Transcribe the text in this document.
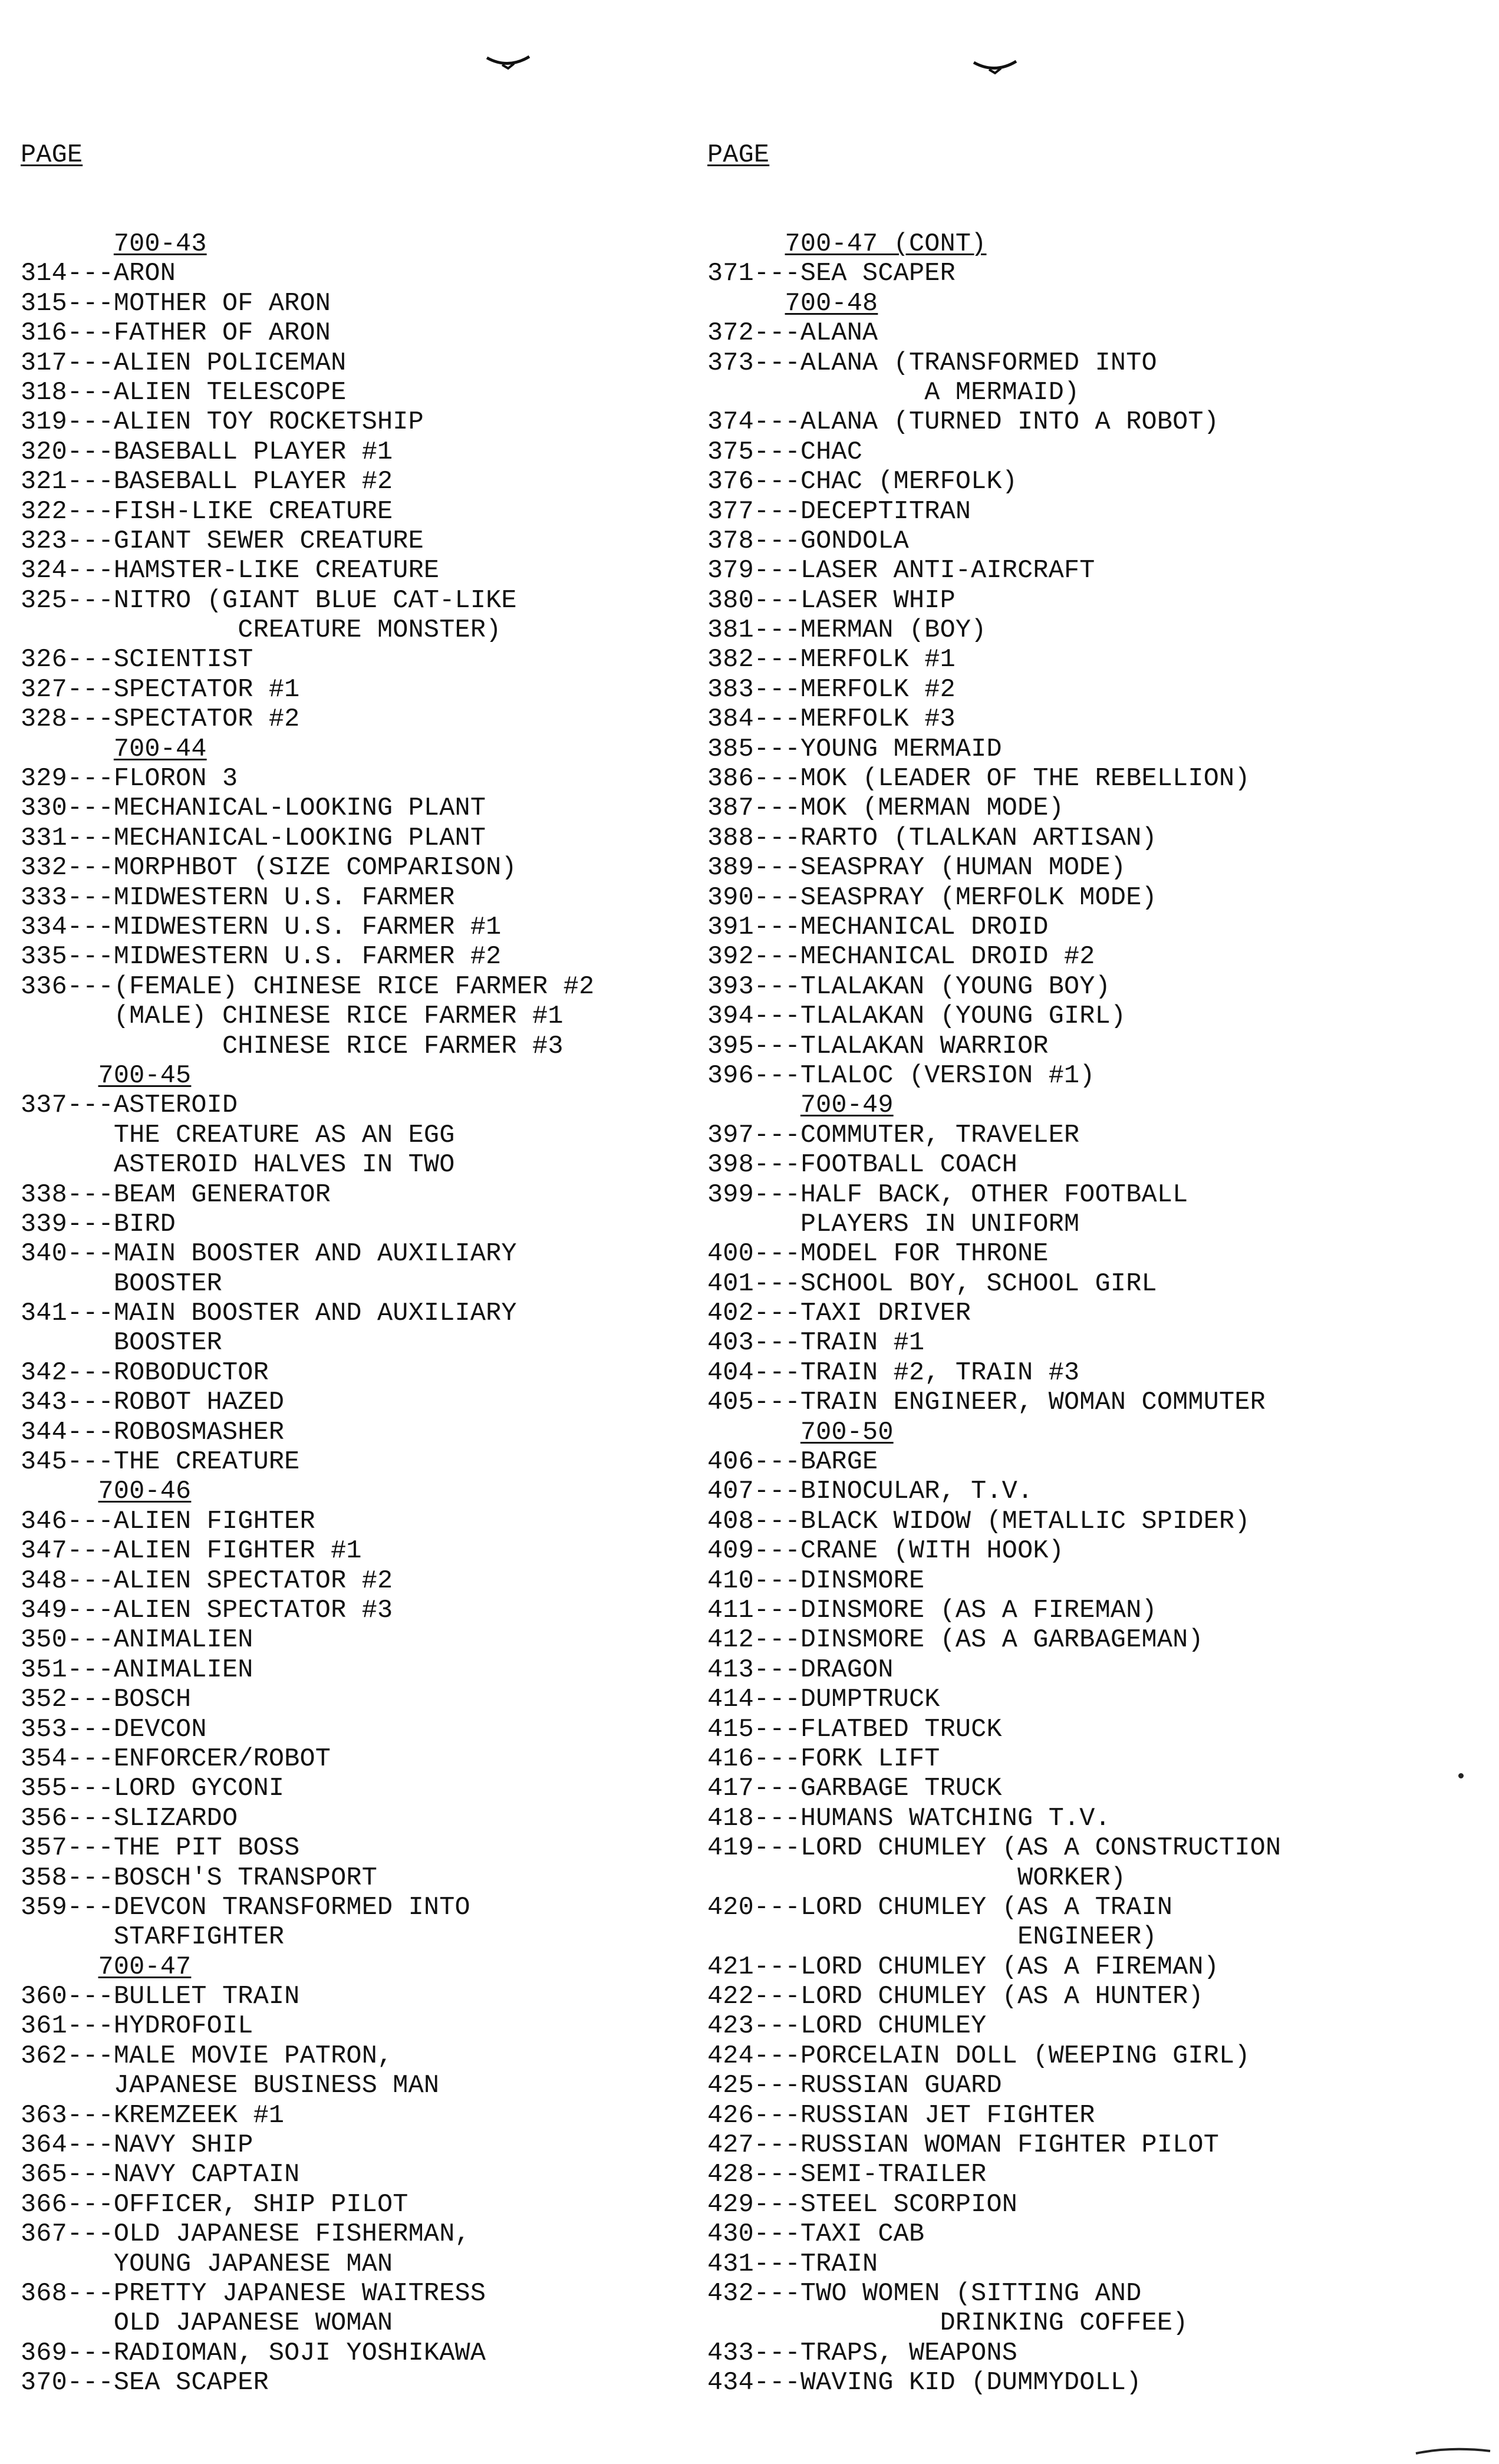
PAGE

700-43
314---ARON
315---MOTHER OF ARON
316---FATHER OF ARON
317---ALIEN POLICEMAN
318---ALIEN TELESCOPE
319---ALIEN TOY ROCKETSHIP
320---BASEBALL PLAYER #1
321---BASEBALL PLAYER #2
322---FISH-LIKE CREATURE
323---GIANT SEWER CREATURE
324---HAMSTER-LIKE CREATURE
325---NITRO (GIANT BLUE CAT-LIKE
CREATURE MONSTER)
326---SCIENTIST
327---SPECTATOR #1
328---SPECTATOR #2
700-44
329---FLORON 3
330---MECHANICAL-LOOKING PLANT
331---MECHANICAL-LOOKING PLANT
332---MORPHBOT (SIZE COMPARISON)
333---MIDWESTERN U.S. FARMER
334---MIDWESTERN U.S. FARMER #1
335---MIDWESTERN U.S. FARMER #2
336---(FEMALE) CHINESE RICE FARMER #2
(MALE) CHINESE RICE FARMER #1
CHINESE RICE FARMER #3
700-45
337---ASTEROID
THE CREATURE AS AN EGG
ASTEROID HALVES IN TWO
338---BEAM GENERATOR
339---BIRD
340---MAIN BOOSTER AND AUXILIARY
BOOSTER
341---MAIN BOOSTER AND AUXILIARY
BOOSTER
342---ROBODUCTOR
343---ROBOT HAZED
344---ROBOSMASHER
345---THE CREATURE
700-46
346---ALIEN FIGHTER
347---ALIEN FIGHTER #1
348---ALIEN SPECTATOR #2
349---ALIEN SPECTATOR #3
350---ANIMALIEN
351---ANIMALIEN
352---BOSCH
353---DEVCON
354---ENFORCER/ROBOT
355---LORD GYCONI
356---SLIZARDO
357---THE PIT BOSS
358---BOSCH'S TRANSPORT
359---DEVCON TRANSFORMED INTO
STARFIGHTER
700-47
360---BULLET TRAIN
361---HYDROFOIL
362---MALE MOVIE PATRON,
JAPANESE BUSINESS MAN
363---KREMZEEK #1
364---NAVY SHIP
365---NAVY CAPTAIN
366---OFFICER, SHIP PILOT
367---OLD JAPANESE FISHERMAN,
YOUNG JAPANESE MAN
368---PRETTY JAPANESE WAITRESS
OLD JAPANESE WOMAN
369---RADIOMAN, SOJI YOSHIKAWA
370---SEA SCAPER

PAGE

700-47 (CONT)
371---SEA SCAPER
700-48
372---ALANA
373---ALANA (TRANSFORMED INTO
A MERMAID)
374---ALANA (TURNED INTO A ROBOT)
375---CHAC
376---CHAC (MERFOLK)
377---DECEPTITRAN
378---GONDOLA
379---LASER ANTI-AIRCRAFT
380---LASER WHIP
381---MERMAN (BOY)
382---MERFOLK #1
383---MERFOLK #2
384---MERFOLK #3
385---YOUNG MERMAID
386---MOK (LEADER OF THE REBELLION)
387---MOK (MERMAN MODE)
388---RARTO (TLALKAN ARTISAN)
389---SEASPRAY (HUMAN MODE)
390---SEASPRAY (MERFOLK MODE)
391---MECHANICAL DROID
392---MECHANICAL DROID #2
393---TLALAKAN (YOUNG BOY)
394---TLALAKAN (YOUNG GIRL)
395---TLALAKAN WARRIOR
396---TLALOC (VERSION #1)
700-49
397---COMMUTER, TRAVELER
398---FOOTBALL COACH
399---HALF BACK, OTHER FOOTBALL
PLAYERS IN UNIFORM
400---MODEL FOR THRONE
401---SCHOOL BOY, SCHOOL GIRL
402---TAXI DRIVER
403---TRAIN #1
404---TRAIN #2, TRAIN #3
405---TRAIN ENGINEER, WOMAN COMMUTER
700-50
406---BARGE
407---BINOCULAR, T.V.
408---BLACK WIDOW (METALLIC SPIDER)
409---CRANE (WITH HOOK)
410---DINSMORE
411---DINSMORE (AS A FIREMAN)
412---DINSMORE (AS A GARBAGEMAN)
413---DRAGON
414---DUMPTRUCK
415---FLATBED TRUCK
416---FORK LIFT
417---GARBAGE TRUCK
418---HUMANS WATCHING T.V.
419---LORD CHUMLEY (AS A CONSTRUCTION
WORKER)
420---LORD CHUMLEY (AS A TRAIN
ENGINEER)
421---LORD CHUMLEY (AS A FIREMAN)
422---LORD CHUMLEY (AS A HUNTER)
423---LORD CHUMLEY
424---PORCELAIN DOLL (WEEPING GIRL)
425---RUSSIAN GUARD
426---RUSSIAN JET FIGHTER
427---RUSSIAN WOMAN FIGHTER PILOT
428---SEMI-TRAILER
429---STEEL SCORPION
430---TAXI CAB
431---TRAIN
432---TWO WOMEN (SITTING AND
DRINKING COFFEE)
433---TRAPS, WEAPONS
434---WAVING KID (DUMMYDOLL)
